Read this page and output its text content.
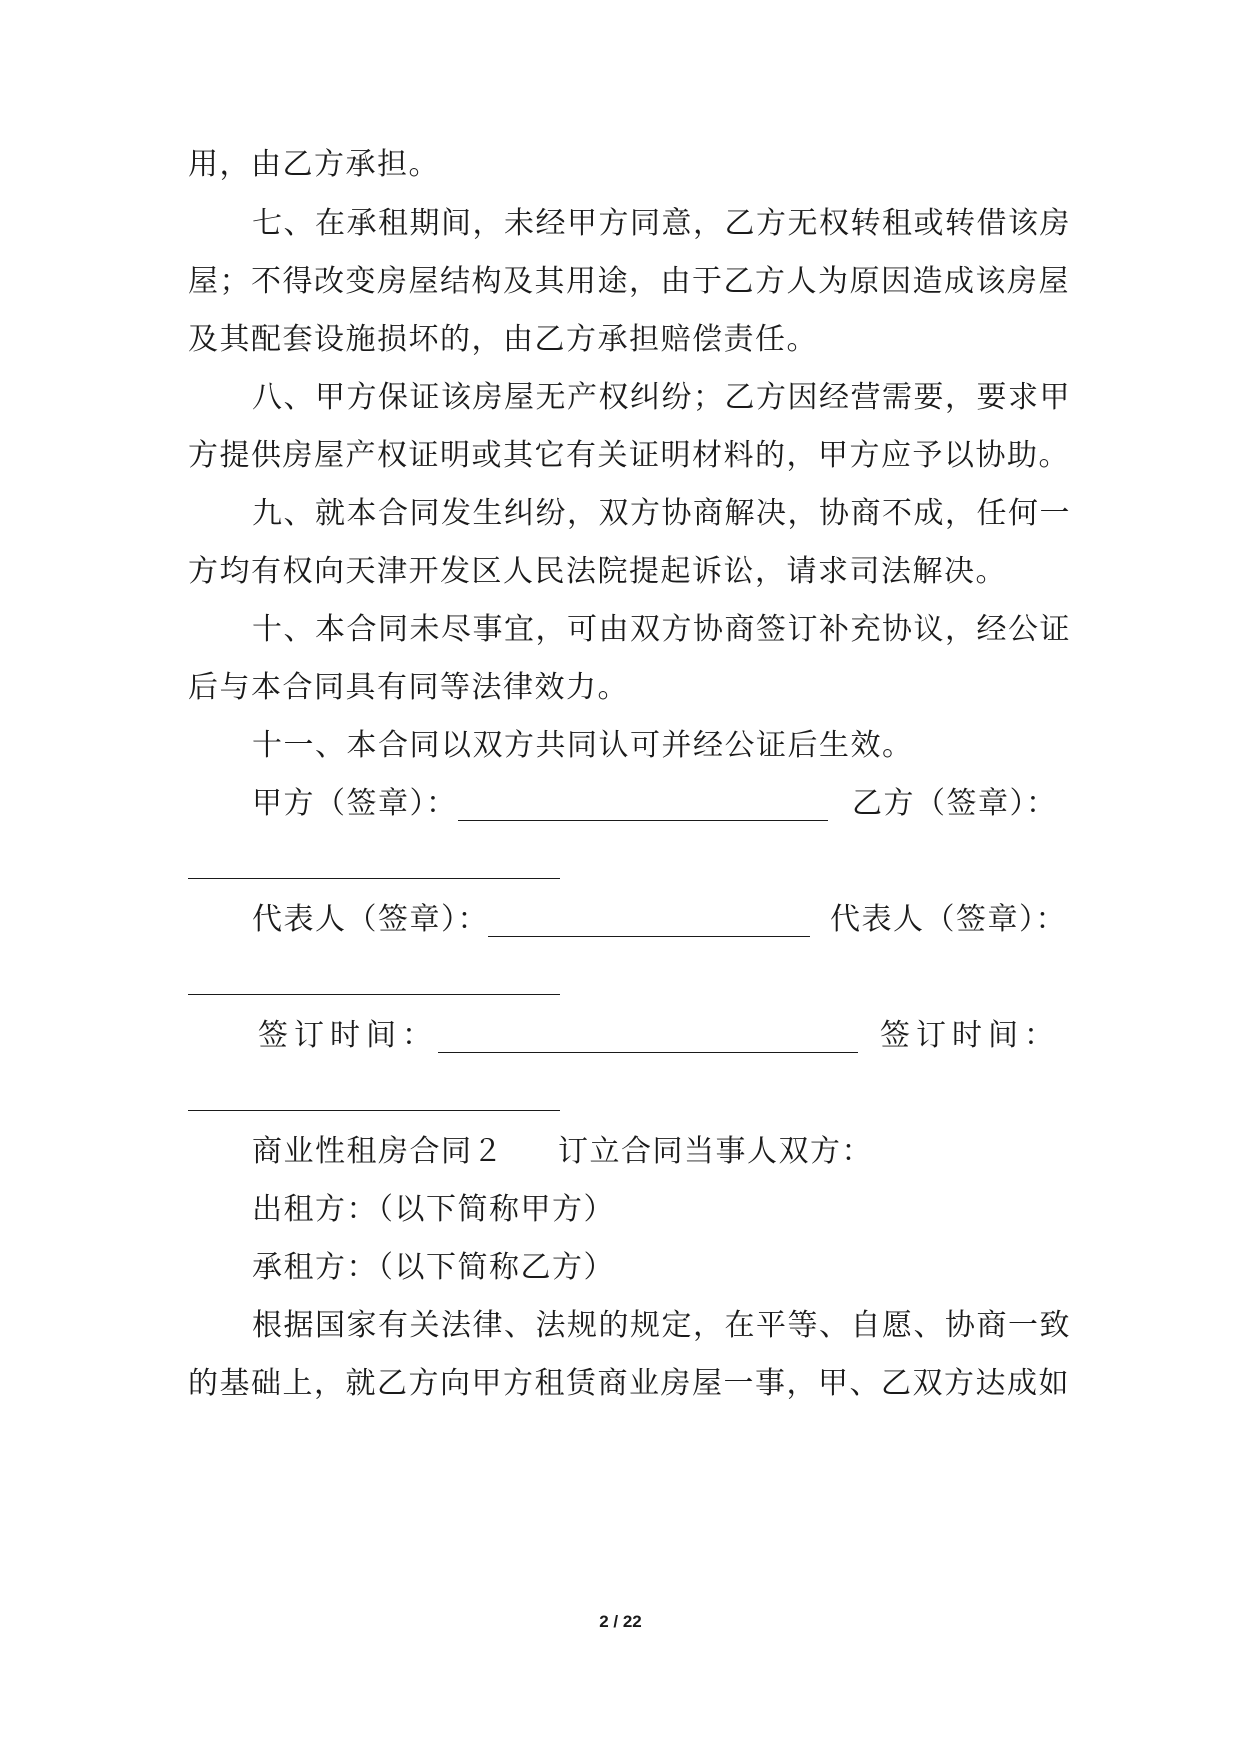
用，由乙方承担。

七、在承租期间，未经甲方同意，乙方无权转租或转借该房

屋；不得改变房屋结构及其用途，由于乙方人为原因造成该房屋

及其配套设施损坏的，由乙方承担赔偿责任。

八、甲方保证该房屋无产权纠纷；乙方因经营需要，要求甲

方提供房屋产权证明或其它有关证明材料的，甲方应予以协助。

九、就本合同发生纠纷，双方协商解决，协商不成，任何一

方均有权向天津开发区人民法院提起诉讼，请求司法解决。

十、本合同未尽事宜，可由双方协商签订补充协议，经公证

后与本合同具有同等法律效力。

十一、本合同以双方共同认可并经公证后生效。

甲方（签章）：	乙方（签章）：
代表人（签章）：	代表人（签章）：
签订时间：	签订时间：
商业性租房合同２ 订立合同当事人双方：

出租方：（以下简称甲方）

承租方：（以下简称乙方）

根据国家有关法律、法规的规定，在平等、自愿、协商一致

的基础上，就乙方向甲方租赁商业房屋一事，甲、乙双方达成如

2 / 22
